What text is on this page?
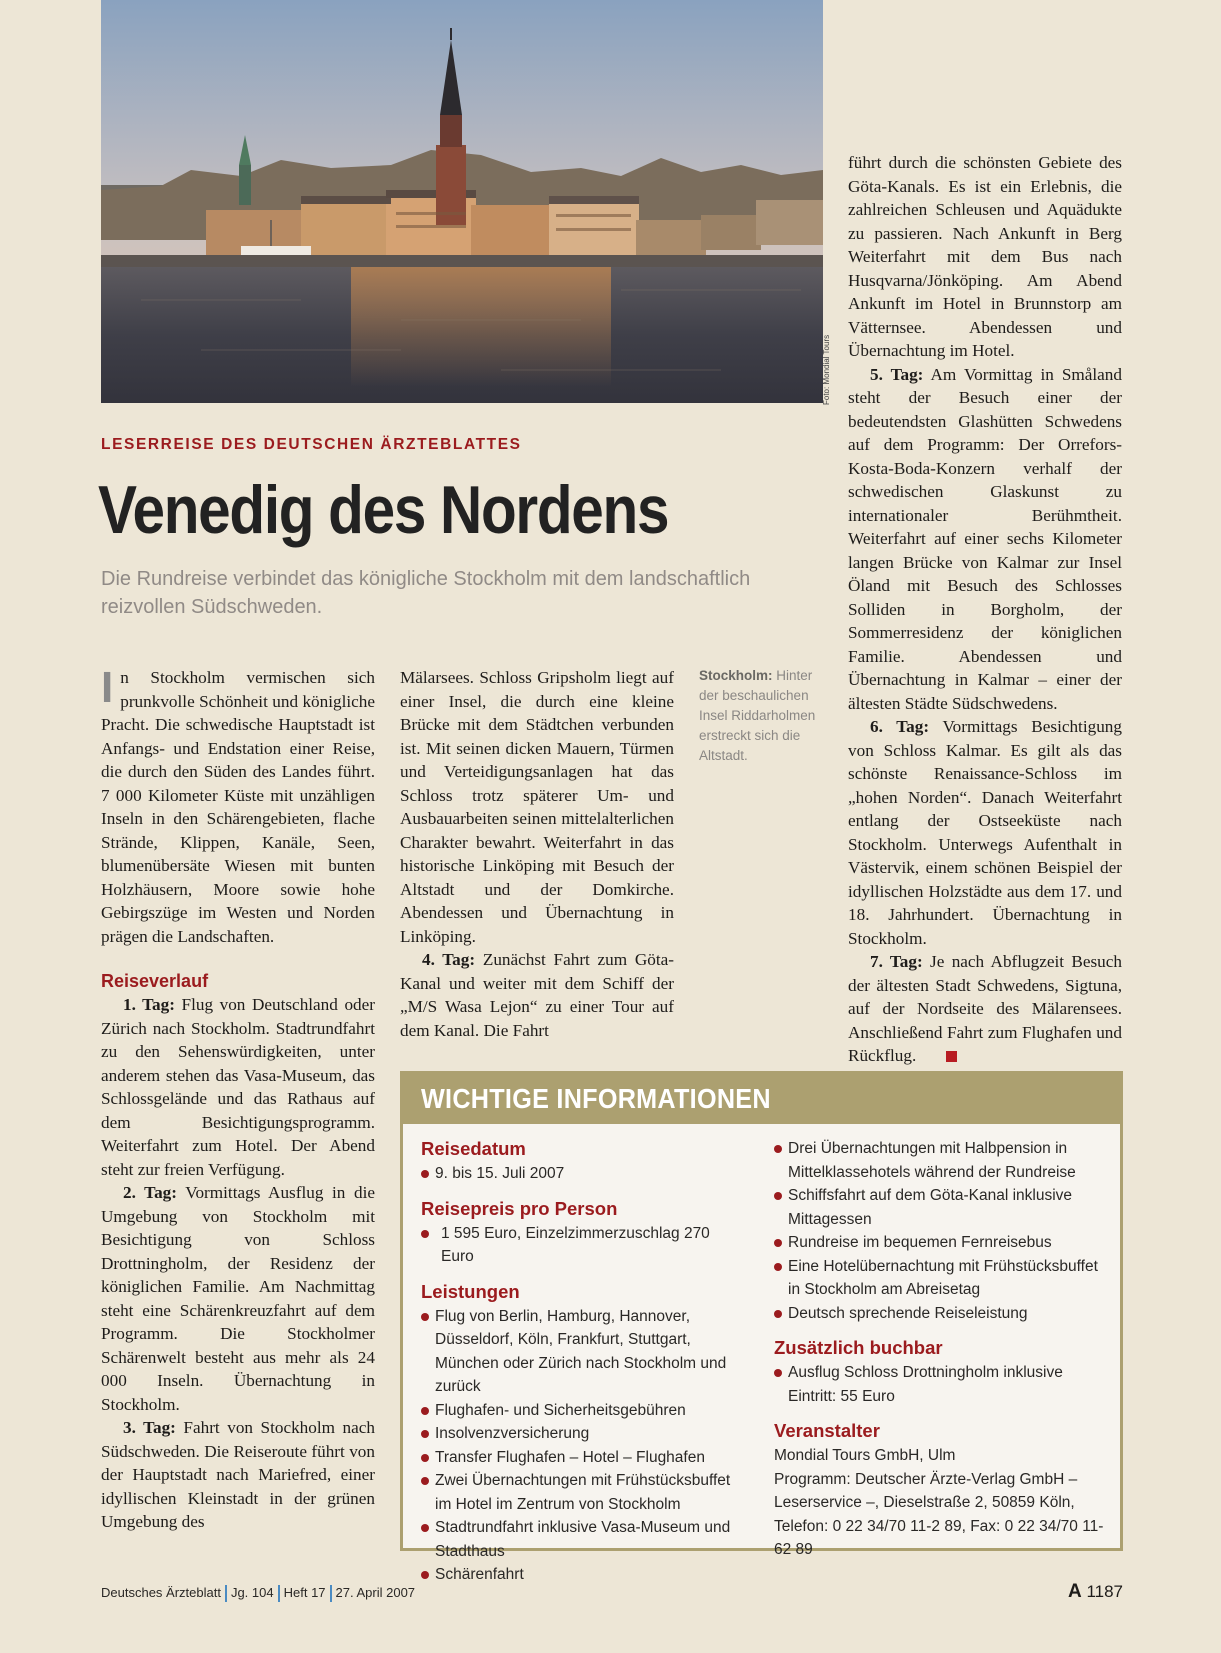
Foto: Mondial Tours
LESERREISE DES DEUTSCHEN ÄRZTEBLATTES
Venedig des Nordens
Die Rundreise verbindet das königliche Stockholm mit dem landschaftlich reizvollen Südschweden.

In Stockholm vermischen sich prunkvolle Schönheit und königliche Pracht. Die schwedische Hauptstadt ist Anfangs- und Endstation einer Reise, die durch den Süden des Landes führt. 7 000 Kilometer Küste mit unzähligen Inseln in den Schärengebieten, flache Strände, Klippen, Kanäle, Seen, blumenübersäte Wiesen mit bunten Holzhäusern, Moore sowie hohe Gebirgszüge im Westen und Norden prägen die Landschaften.

Reiseverlauf

1. Tag: Flug von Deutschland oder Zürich nach Stockholm. Stadtrundfahrt zu den Sehenswürdigkeiten, unter anderem stehen das Vasa-Museum, das Schlossgelände und das Rathaus auf dem Besichtigungsprogramm. Weiterfahrt zum Hotel. Der Abend steht zur freien Verfügung.

2. Tag: Vormittags Ausflug in die Umgebung von Stockholm mit Besichtigung von Schloss Drottningholm, der Residenz der königlichen Familie. Am Nachmittag steht eine Schärenkreuzfahrt auf dem Programm. Die Stockholmer Schärenwelt besteht aus mehr als 24 000 Inseln. Übernachtung in Stockholm.

3. Tag: Fahrt von Stockholm nach Südschweden. Die Reiseroute führt von der Hauptstadt nach Mariefred, einer idyllischen Kleinstadt in der grünen Umgebung des

Mälarsees. Schloss Gripsholm liegt auf einer Insel, die durch eine kleine Brücke mit dem Städtchen verbunden ist. Mit seinen dicken Mauern, Türmen und Verteidigungsanlagen hat das Schloss trotz späterer Um- und Ausbauarbeiten seinen mittelalterlichen Charakter bewahrt. Weiterfahrt in das historische Linköping mit Besuch der Altstadt und der Domkirche. Abendessen und Übernachtung in Linköping.

4. Tag: Zunächst Fahrt zum Göta-Kanal und weiter mit dem Schiff der „M/S Wasa Lejon“ zu einer Tour auf dem Kanal. Die Fahrt

Stockholm: Hinter der beschaulichen Insel Riddarholmen erstreckt sich die Altstadt.

führt durch die schönsten Gebiete des Göta-Kanals. Es ist ein Erlebnis, die zahlreichen Schleusen und Aquädukte zu passieren. Nach Ankunft in Berg Weiterfahrt mit dem Bus nach Husqvarna/Jönköping. Am Abend Ankunft im Hotel in Brunnstorp am Vätternsee. Abendessen und Übernachtung im Hotel.

5. Tag: Am Vormittag in Småland steht der Besuch einer der bedeutendsten Glashütten Schwedens auf dem Programm: Der Orrefors-Kosta-Boda-Konzern verhalf der schwedischen Glaskunst zu internationaler Berühmtheit. Weiterfahrt auf einer sechs Kilometer langen Brücke von Kalmar zur Insel Öland mit Besuch des Schlosses Solliden in Borgholm, der Sommerresidenz der königlichen Familie. Abendessen und Übernachtung in Kalmar – einer der ältesten Städte Südschwedens.

6. Tag: Vormittags Besichtigung von Schloss Kalmar. Es gilt als das schönste Renaissance-Schloss im „hohen Norden“. Danach Weiterfahrt entlang der Ostseeküste nach Stockholm. Unterwegs Aufenthalt in Västervik, einem schönen Beispiel der idyllischen Holzstädte aus dem 17. und 18. Jahrhundert. Übernachtung in Stockholm.

7. Tag: Je nach Abflugzeit Besuch der ältesten Stadt Schwedens, Sigtuna, auf der Nordseite des Mälarensees. Anschließend Fahrt zum Flughafen und Rückflug.

WICHTIGE INFORMATIONEN
Reisedatum
9. bis 15. Juli 2007
Reisepreis pro Person
1 595 Euro, Einzelzimmerzuschlag 270 Euro
Leistungen
Flug von Berlin, Hamburg, Hannover, Düsseldorf, Köln, Frankfurt, Stuttgart, München oder Zürich nach Stockholm und zurück
Flughafen- und Sicherheitsgebühren
Insolvenzversicherung
Transfer Flughafen – Hotel – Flughafen
Zwei Übernachtungen mit Frühstücksbuffet im Hotel im Zentrum von Stockholm
Stadtrundfahrt inklusive Vasa-Museum und Stadthaus
Schärenfahrt
Drei Übernachtungen mit Halbpension in Mittelklassehotels während der Rundreise
Schiffsfahrt auf dem Göta-Kanal inklusive Mittagessen
Rundreise im bequemen Fernreisebus
Eine Hotelübernachtung mit Frühstücksbuffet in Stockholm am Abreisetag
Deutsch sprechende Reiseleistung
Zusätzlich buchbar
Ausflug Schloss Drottningholm inklusive Eintritt: 55 Euro
Veranstalter
Mondial Tours GmbH, Ulm
Programm: Deutscher Ärzte-Verlag GmbH – Leserservice –, Dieselstraße 2, 50859 Köln, Telefon: 0 22 34/70 11-2 89, Fax: 0 22 34/70 11-62 89
Deutsches Ärzteblatt Jg. 104 Heft 17 27. April 2007	A 1187
